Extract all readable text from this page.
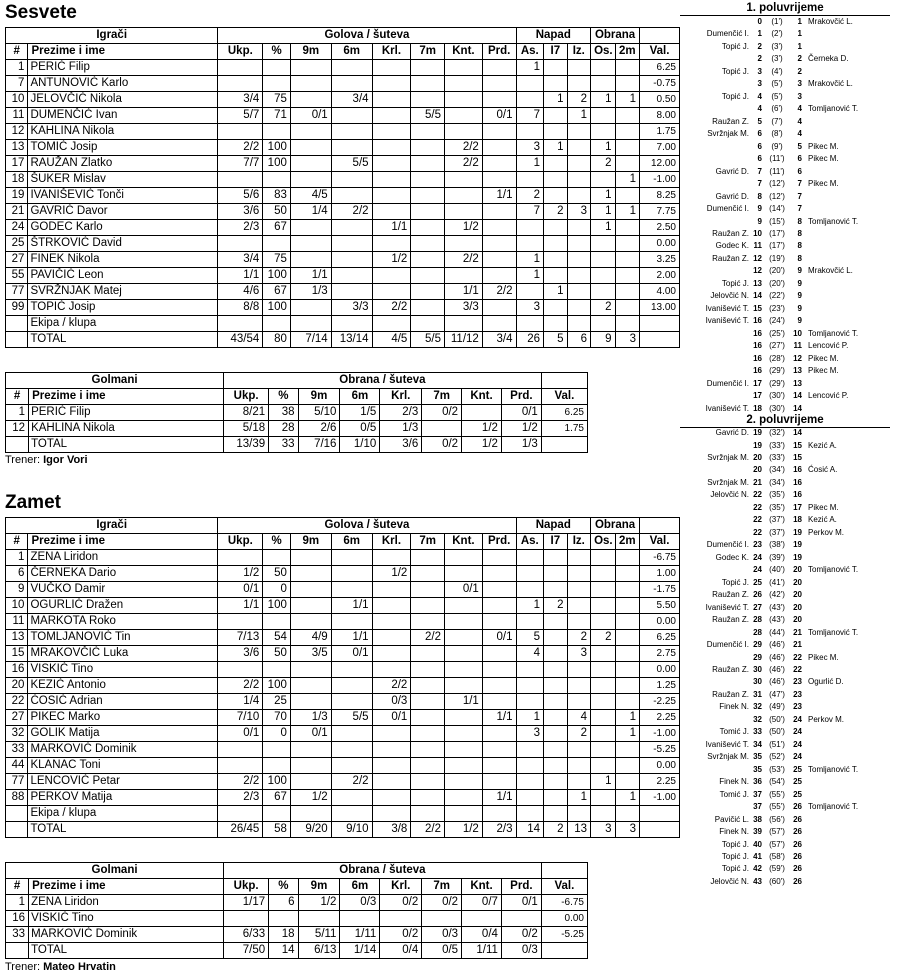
Sesvete
Igrači		Golova / šuteva								Napad			Obrana		
#	Prezime i ime	Ukp.	%	9m	6m	Krl.	7m	Knt.	Prd.	As.	I7	Iz.	Os.	2m	Val.
1	PERIĆ Filip									1					6.25
7	ANTUNOVIĆ Karlo														-0.75
10	JELOVČIĆ Nikola	3/4	75		3/4						1	2	1	1	0.50
11	DUMENČIĆ Ivan	5/7	71	0/1			5/5		0/1	7		1			8.00
12	KAHLINA Nikola														1.75
13	TOMIĆ Josip	2/2	100					2/2		3	1		1		7.00
17	RAUŽAN Zlatko	7/7	100		5/5			2/2		1			2		12.00
18	ŠUKER Mislav													1	-1.00
19	IVANIŠEVIĆ Tonči	5/6	83	4/5					1/1	2			1		8.25
21	GAVRIĆ Davor	3/6	50	1/4	2/2					7	2	3	1	1	7.75
24	GODEC Karlo	2/3	67			1/1		1/2					1		2.50
25	ŠTRKOVIĆ David														0.00
27	FINEK Nikola	3/4	75			1/2		2/2		1					3.25
55	PAVIČIĆ Leon	1/1	100	1/1						1					2.00
77	SVRŽNJAK Matej	4/6	67	1/3				1/1	2/2		1				4.00
99	TOPIĆ Josip	8/8	100		3/3	2/2		3/3		3			2		13.00
	Ekipa / klupa														
	TOTAL	43/54	80	7/14	13/14	4/5	5/5	11/12	3/4	26	5	6	9	3	
Golmani		Obrana / šuteva								
#	Prezime i ime	Ukp.	%	9m	6m	Krl.	7m	Knt.	Prd.	Val.
1	PERIĆ Filip	8/21	38	5/10	1/5	2/3	0/2		0/1	6.25
12	KAHLINA Nikola	5/18	28	2/6	0/5	1/3		1/2	1/2	1.75
	TOTAL	13/39	33	7/16	1/10	3/6	0/2	1/2	1/3	
Trener: Igor Vori
Zamet
Igrači		Golova / šuteva								Napad			Obrana		
#	Prezime i ime	Ukp.	%	9m	6m	Krl.	7m	Knt.	Prd.	As.	I7	Iz.	Os.	2m	Val.
1	ZENA Liridon														-6.75
6	ČERNEKA Dario	1/2	50			1/2									1.00
9	VUČKO Damir	0/1	0					0/1							-1.75
10	OGURLIĆ Dražen	1/1	100		1/1					1	2				5.50
11	MARKOTA Roko														0.00
13	TOMLJANOVIĆ Tin	7/13	54	4/9	1/1		2/2		0/1	5		2	2		6.25
15	MRAKOVČIĆ Luka	3/6	50	3/5	0/1					4		3			2.75
16	VISKIĆ Tino														0.00
20	KEZIĆ Antonio	2/2	100			2/2									1.25
22	ĆOSIĆ Adrian	1/4	25			0/3		1/1							-2.25
27	PIKEC Marko	7/10	70	1/3	5/5	0/1			1/1	1		4		1	2.25
32	GOLIK Matija	0/1	0	0/1						3		2		1	-1.00
33	MARKOVIĆ Dominik														-5.25
44	KLANAC Toni														0.00
77	LENCOVIĆ Petar	2/2	100		2/2								1		2.25
88	PERKOV Matija	2/3	67	1/2					1/1			1		1	-1.00
	Ekipa / klupa														
	TOTAL	26/45	58	9/20	9/10	3/8	2/2	1/2	2/3	14	2	13	3	3	
Golmani		Obrana / šuteva								
#	Prezime i ime	Ukp.	%	9m	6m	Krl.	7m	Knt.	Prd.	Val.
1	ZENA Liridon	1/17	6	1/2	0/3	0/2	0/2	0/7	0/1	-6.75
16	VISKIĆ Tino									0.00
33	MARKOVIĆ Dominik	6/33	18	5/11	1/11	0/2	0/3	0/4	0/2	-5.25
	TOTAL	7/50	14	6/13	1/14	0/4	0/5	1/11	0/3	
Trener: Mateo Hrvatin
1. poluvrijeme
0	(1')	1 Mrakovčić L.
Dumenčić I.	1	(2')	1
Topić J.	2	(3')	1
2	(3')	2 Černeka D.
Topić J.	3	(4')	2
3	(5')	3 Mrakovčić L.
Topić J.	4	(5')	3
4	(6')	4 Tomljanović T.
Raužan Z.	5	(7')	4
Svržnjak M.	6	(8')	4
6	(9')	5 Pikec M.
6 (11')	6 Pikec M.
Gavrić D.	7 (11')	6
7 (12')	7 Pikec M.
Gavrić D.	8 (12')	7
Dumenčić I.	9 (14')	7
9 (15')	8 Tomljanović T.
Raužan Z. 10 (17')	8
Godec K. 11 (17')	8
Raužan Z. 12 (19')	8
12 (20')	9 Mrakovčić L.
Topić J. 13 (20')	9
Jelovčić N. 14 (22')	9
Ivanišević T. 15 (23')	9
Ivanišević T. 16 (24')	9
16 (25')	10 Tomljanović T.
16 (27')	11 Lencović P.
16 (28')	12 Pikec M.
16 (29')	13 Pikec M.
Dumenčić I. 17 (29')	13
17 (30')	14 Lencović P.
Ivanišević T. 18 (30')	14
2. poluvrijeme
Gavrić D. 19 (32')	14
19 (33')	15 Kezić A.
Svržnjak M. 20 (33')	15
20 (34')	16 Ćosić A.
Svržnjak M. 21 (34')	16
Jelovčić N. 22 (35')	16
22 (35')	17 Pikec M.
22 (37')	18 Kezić A.
22 (37')	19 Perkov M.
Dumenčić I. 23 (38')	19
Godec K. 24 (39')	19
24 (40')	20 Tomljanović T.
Topić J. 25 (41')	20
Raužan Z. 26 (42')	20
Ivanišević T. 27 (43')	20
Raužan Z. 28 (43')	20
28 (44')	21 Tomljanović T.
Dumenčić I. 29 (46')	21
29 (46')	22 Pikec M.
Raužan Z. 30 (46')	22
30 (46')	23 Ogurlić D.
Raužan Z. 31 (47')	23
Finek N. 32 (49')	23
32 (50')	24 Perkov M.
Tomić J. 33 (50')	24
Ivanišević T. 34 (51')	24
Svržnjak M. 35 (52')	24
35 (53')	25 Tomljanović T.
Finek N. 36 (54')	25
Tomić J. 37 (55')	25
37 (55')	26 Tomljanović T.
Pavičić L. 38 (56')	26
Finek N. 39 (57')	26
Topić J. 40 (57')	26
Topić J. 41 (58')	26
Topić J. 42 (59')	26
Jelovčić N. 43 (60')	26
